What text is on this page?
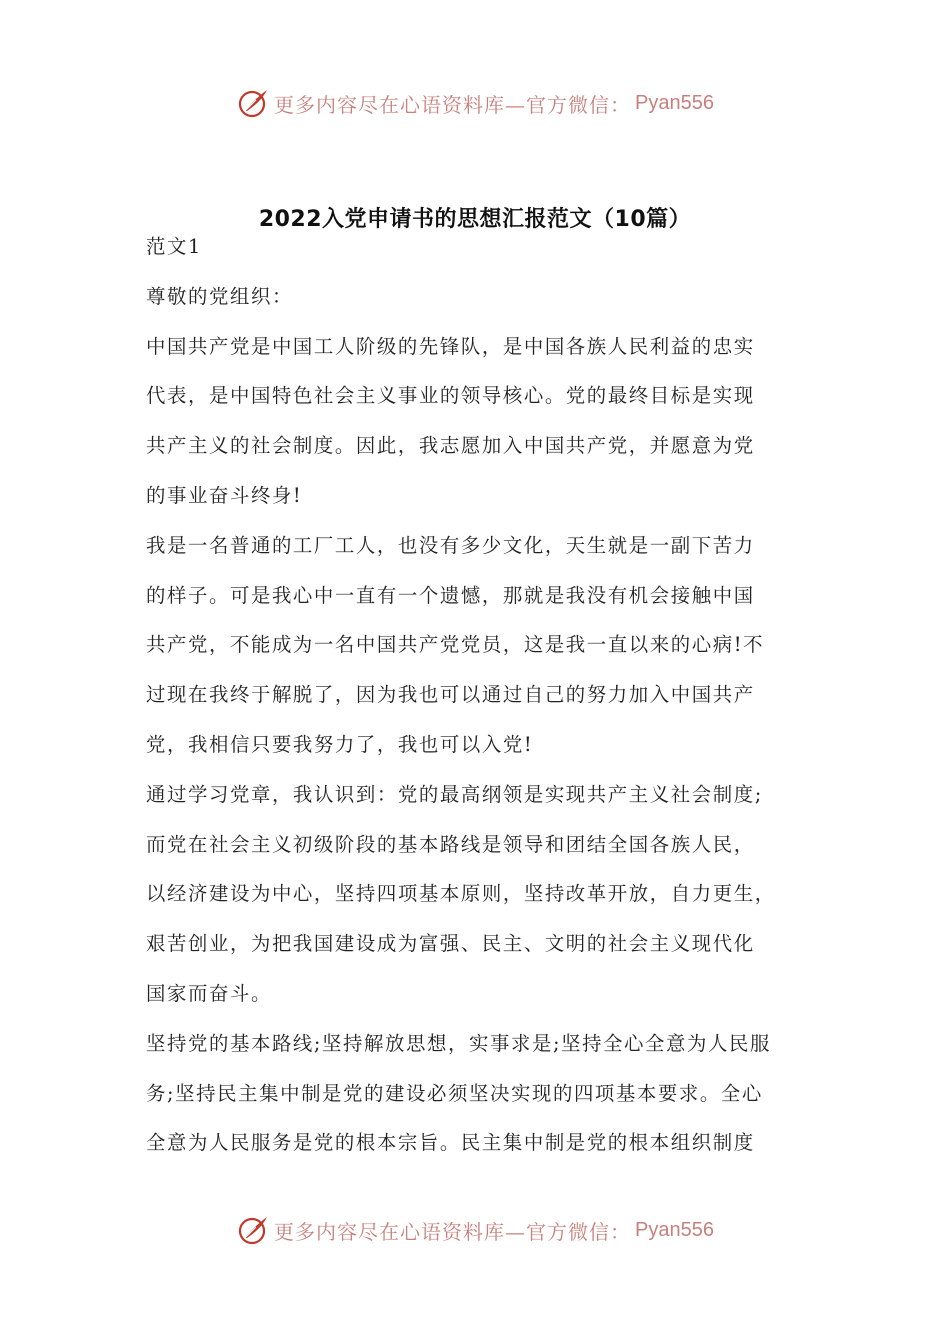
更多内容尽在心语资料库—官方微信： Pyan556
2022入党申请书的思想汇报范文（10篇）

范文1

尊敬的党组织：

中国共产党是中国工人阶级的先锋队，是中国各族人民利益的忠实

代表，是中国特色社会主义事业的领导核心。党的最终目标是实现

共产主义的社会制度。因此，我志愿加入中国共产党，并愿意为党

的事业奋斗终身!

我是一名普通的工厂工人，也没有多少文化，天生就是一副下苦力

的样子。可是我心中一直有一个遗憾，那就是我没有机会接触中国

共产党，不能成为一名中国共产党党员，这是我一直以来的心病!不

过现在我终于解脱了，因为我也可以通过自己的努力加入中国共产

党，我相信只要我努力了，我也可以入党!

通过学习党章，我认识到：党的最高纲领是实现共产主义社会制度;

而党在社会主义初级阶段的基本路线是领导和团结全国各族人民，

以经济建设为中心，坚持四项基本原则，坚持改革开放，自力更生，

艰苦创业，为把我国建设成为富强、民主、文明的社会主义现代化

国家而奋斗。

坚持党的基本路线;坚持解放思想，实事求是;坚持全心全意为人民服

务;坚持民主集中制是党的建设必须坚决实现的四项基本要求。全心

全意为人民服务是党的根本宗旨。民主集中制是党的根本组织制度

更多内容尽在心语资料库—官方微信： Pyan556
